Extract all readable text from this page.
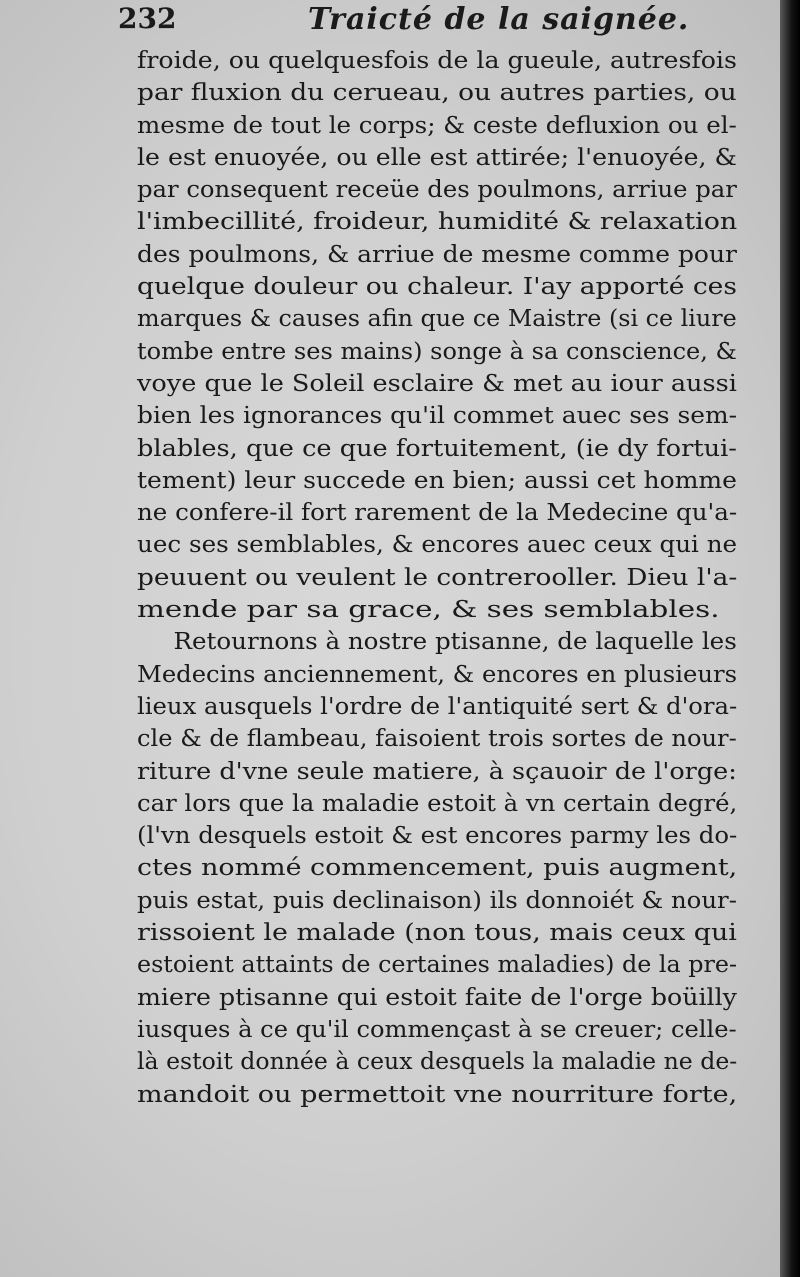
232	Traicté de la saignée.
froide, ou quelquesfois de la gueule, autresfois
par fluxion du cerueau, ou autres parties, ou
mesme de tout le corps; & ceste defluxion ou el-
le est enuoyée, ou elle est attirée; l'enuoyée, &
par consequent receüe des poulmons, arriue par
l'imbecillité, froideur, humidité & relaxation
des poulmons, & arriue de mesme comme pour
quelque douleur ou chaleur. I'ay apporté ces
marques & causes afin que ce Maistre (si ce liure
tombe entre ses mains) songe à sa conscience, &
voye que le Soleil esclaire & met au iour aussi
bien les ignorances qu'il commet auec ses sem-
blables, que ce que fortuitement, (ie dy fortui-
tement) leur succede en bien; aussi cet homme
ne confere-il fort rarement de la Medecine qu'a-
uec ses semblables, & encores auec ceux qui ne
peuuent ou veulent le contrerooller. Dieu l'a-
mende par sa grace, & ses semblables.
Retournons à nostre ptisanne, de laquelle les
Medecins anciennement, & encores en plusieurs
lieux ausquels l'ordre de l'antiquité sert & d'ora-
cle & de flambeau, faisoient trois sortes de nour-
riture d'vne seule matiere, à sçauoir de l'orge:
car lors que la maladie estoit à vn certain degré,
(l'vn desquels estoit & est encores parmy les do-
ctes nommé commencement, puis augment,
puis estat, puis declinaison) ils donnoiét & nour-
rissoient le malade (non tous, mais ceux qui
estoient attaints de certaines maladies) de la pre-
miere ptisanne qui estoit faite de l'orge boüilly
iusques à ce qu'il commençast à se creuer; celle-
là estoit donnée à ceux desquels la maladie ne de-
mandoit ou permettoit vne nourriture forte,
